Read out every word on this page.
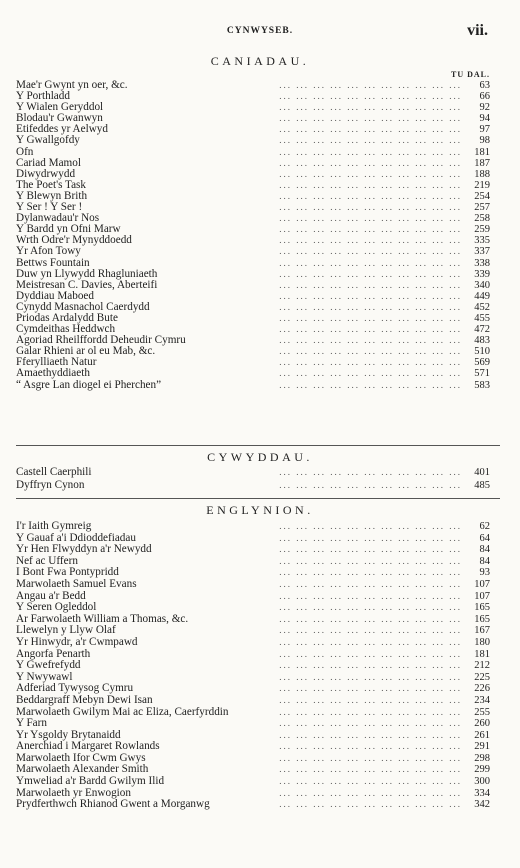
CYNWYSEB.	vii.
CANIADAU.
TU DAL.
Mae'r Gwynt yn oer, &c.	... ... ... ... ... ... ... ... ... ... ...	63
Y Porthladd	... ... ... ... ... ... ... ... ... ... ...	66
Y Wialen Geryddol	... ... ... ... ... ... ... ... ... ... ...	92
Blodau'r Gwanwyn	... ... ... ... ... ... ... ... ... ... ...	94
Etifeddes yr Aelwyd	... ... ... ... ... ... ... ... ... ... ...	97
Y Gwallgofdy	... ... ... ... ... ... ... ... ... ... ...	98
Ofn	... ... ... ... ... ... ... ... ... ... ...	181
Cariad Mamol	... ... ... ... ... ... ... ... ... ... ...	187
Diwydrwydd	... ... ... ... ... ... ... ... ... ... ...	188
The Poet's Task	... ... ... ... ... ... ... ... ... ... ...	219
Y Blewyn Brith	... ... ... ... ... ... ... ... ... ... ...	254
Y Ser ! Y Ser !	... ... ... ... ... ... ... ... ... ... ...	257
Dylanwadau'r Nos	... ... ... ... ... ... ... ... ... ... ...	258
Y Bardd yn Ofni Marw	... ... ... ... ... ... ... ... ... ... ...	259
Wrth Odre'r Mynyddoedd	... ... ... ... ... ... ... ... ... ... ...	335
Yr Afon Towy	... ... ... ... ... ... ... ... ... ... ...	337
Bettws Fountain	... ... ... ... ... ... ... ... ... ... ...	338
Duw yn Llywydd Rhagluniaeth	... ... ... ... ... ... ... ... ... ... ...	339
Meistresan C. Davies, Aberteifi	... ... ... ... ... ... ... ... ... ... ...	340
Dyddiau Maboed	... ... ... ... ... ... ... ... ... ... ...	449
Cynydd Masnachol Caerdydd	... ... ... ... ... ... ... ... ... ... ...	452
Priodas Ardalydd Bute	... ... ... ... ... ... ... ... ... ... ...	455
Cymdeithas Heddwch	... ... ... ... ... ... ... ... ... ... ...	472
Agoriad Rheilffordd Deheudir Cymru	... ... ... ... ... ... ... ... ... ... ...	483
Galar Rhieni ar ol eu Mab, &c.	... ... ... ... ... ... ... ... ... ... ...	510
Fferylliaeth Natur	... ... ... ... ... ... ... ... ... ... ...	569
Amaethyddiaeth	... ... ... ... ... ... ... ... ... ... ...	571
“ Asgre Lan diogel ei Pherchen”	... ... ... ... ... ... ... ... ... ... ...	583
CYWYDDAU.
Castell Caerphili	... ... ... ... ... ... ... ... ... ... ...	401
Dyffryn Cynon	... ... ... ... ... ... ... ... ... ... ...	485
ENGLYNION.
I'r Iaith Gymreig	... ... ... ... ... ... ... ... ... ... ...	62
Y Gauaf a'i Ddioddefiadau	... ... ... ... ... ... ... ... ... ... ...	64
Yr Hen Flwyddyn a'r Newydd	... ... ... ... ... ... ... ... ... ... ...	84
Nef ac Uffern	... ... ... ... ... ... ... ... ... ... ...	84
I Bont Fwa Pontypridd	... ... ... ... ... ... ... ... ... ... ...	93
Marwolaeth Samuel Evans	... ... ... ... ... ... ... ... ... ... ...	107
Angau a'r Bedd	... ... ... ... ... ... ... ... ... ... ...	107
Y Seren Ogleddol	... ... ... ... ... ... ... ... ... ... ...	165
Ar Farwolaeth William a Thomas, &c.	... ... ... ... ... ... ... ... ... ... ...	165
Llewelyn y Llyw Olaf	... ... ... ... ... ... ... ... ... ... ...	167
Yr Hinwydr, a'r Cwmpawd	... ... ... ... ... ... ... ... ... ... ...	180
Angorfa Penarth	... ... ... ... ... ... ... ... ... ... ...	181
Y Gwefrefydd	... ... ... ... ... ... ... ... ... ... ...	212
Y Nwywawl	... ... ... ... ... ... ... ... ... ... ...	225
Adferiad Tywysog Cymru	... ... ... ... ... ... ... ... ... ... ...	226
Beddargraff Mebyn Dewi Isan	... ... ... ... ... ... ... ... ... ... ...	234
Marwolaeth Gwilym Mai ac Eliza, Caerfyrddin	... ... ... ... ... ... ... ... ... ... ...	255
Y Farn	... ... ... ... ... ... ... ... ... ... ...	260
Yr Ysgoldy Brytanaidd	... ... ... ... ... ... ... ... ... ... ...	261
Anerchiad i Margaret Rowlands	... ... ... ... ... ... ... ... ... ... ...	291
Marwolaeth Ifor Cwm Gwys	... ... ... ... ... ... ... ... ... ... ...	298
Marwolaeth Alexander Smith	... ... ... ... ... ... ... ... ... ... ...	299
Ymweliad a'r Bardd Gwilym Ilid	... ... ... ... ... ... ... ... ... ... ...	300
Marwolaeth yr Enwogion	... ... ... ... ... ... ... ... ... ... ...	334
Prydferthwch Rhianod Gwent a Morganwg	... ... ... ... ... ... ... ... ... ... ...	342
